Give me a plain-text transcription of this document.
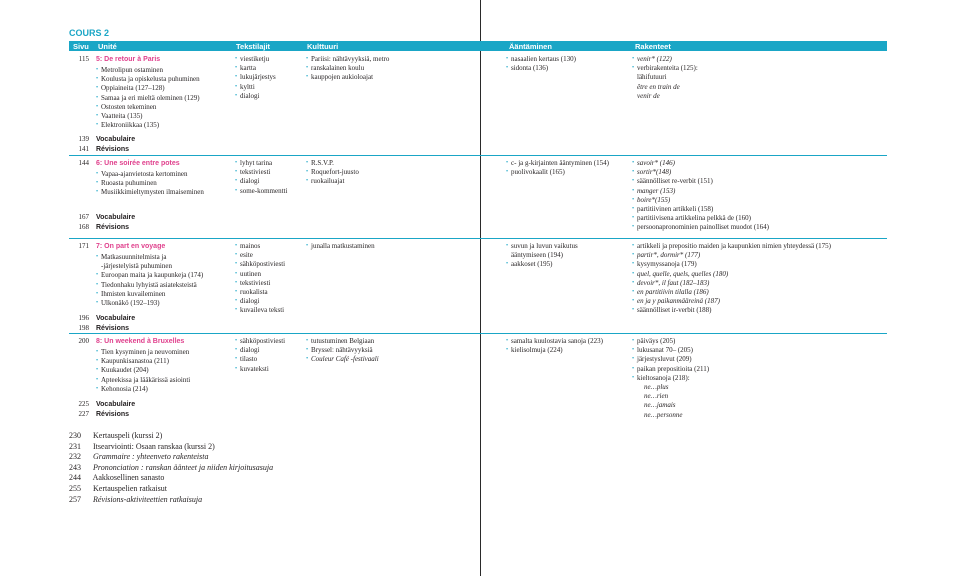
COURS 2
Sivu Unité	Tekstilajit	Kulttuuri	Ääntäminen	Rakenteet
115 5: De retour à Paris
• Metrolipun ostaminen
• Koulusta ja opiskelusta puhuminen
• Oppiaineita (127–128)
• Samaa ja eri mieltä oleminen (129)
• Ostosten tekeminen
• Vaatteita (135)
• Elektroniikkaa (135)
139 Vocabulaire
141 Révisions
• viestiketju
• kartta
• lukujärjestys
• kyltti
• dialogi
• Pariisi: nähtävyyksiä, metro
• ranskalainen koulu
• kauppojen aukioloajat
• nasaalien kertaus (130)
• sidonta (136)
• venir* (122)
• verbirakenteita (125):
lähifutuuri
être en train de
venir de
144 6: Une soirée entre potes
• Vapaa-ajanvietosta kertominen
• Ruoasta puhuminen
• Musiikkimieltymysten ilmaiseminen
167 Vocabulaire
168 Révisions
• lyhyt tarina
• tekstiviesti
• dialogi
• some-kommentti
• R.S.V.P.
• Roquefort-juusto
• ruokailuajat
• c- ja g-kirjainten ääntyminen (154)
• puolivokaalit (165)
• savoir* (146)
• sortir*(148)
• säännölliset re-verbit (151)
• manger (153)
• boire*(155)
• partitiivinen artikkeli (158)
• partitiivisena artikkelina pelkkä de (160)
• persoonapronominien painolliset muodot (164)
171 7: On part en voyage
• Matkasuunnitelmista ja
-järjestelyistä puhuminen
• Euroopan maita ja kaupunkeja (174)
• Tiedonhaku lyhyistä asiateksteistä
• Ihmisten kuvaileminen
• Ulkonäkö (192–193)
196 Vocabulaire
198 Révisions
• mainos
• esite
• sähköpostiviesti
• uutinen
• tekstiviesti
• ruokalista
• dialogi
• kuvaileva teksti
• junalla matkustaminen
•	suvun ja luvun vaikutus
ääntymiseen (194)
• aakkoset (195)
• artikkeli ja prepositio maiden ja kaupunkien nimien yhteydessä (175)
• partir*, dormir* (177)
• kysymyssanoja (179)
• quel, quelle, quels, quelles (180)
• devoir*, il faut (182–183)
• en partitiivin tilalla (186)
• en ja y paikanmääreinä (187)
• säännölliset ir-verbit (188)
200 8: Un weekend à Bruxelles
• Tien kysyminen ja neuvominen
• Kaupunkisanastoa (211)
• Kuukaudet (204)
• Apteekissa ja lääkärissä asiointi
• Kehonosia (214)
225 Vocabulaire
227 Révisions
• sähköpostiviesti
• dialogi
• tilasto
• kuvateksti
• tutustuminen Belgiaan
• Brysselː nähtävyyksiä
• Couleur Café -festivaali
• samalta kuulostavia sanoja (223)
• kielisolmuja (224)
• päiväys (205)
• lukusanat 70– (205)
• järjestysluvut (209)
• paikan prepositioita (211)
• kieltosanoja (218):
ne…plus
ne…rien
ne…jamais
ne…personne
230 Kertauspeli (kurssi 2)
231 Itsearviointi: Osaan ranskaa (kurssi 2)
232 Grammaire : yhteenveto rakenteista
243 Prononciation : ranskan äänteet ja niiden kirjoitusasuja
244 Aakkosellinen sanasto
255 Kertauspelien ratkaisut
257 Révisions-aktiviteettien ratkaisuja
